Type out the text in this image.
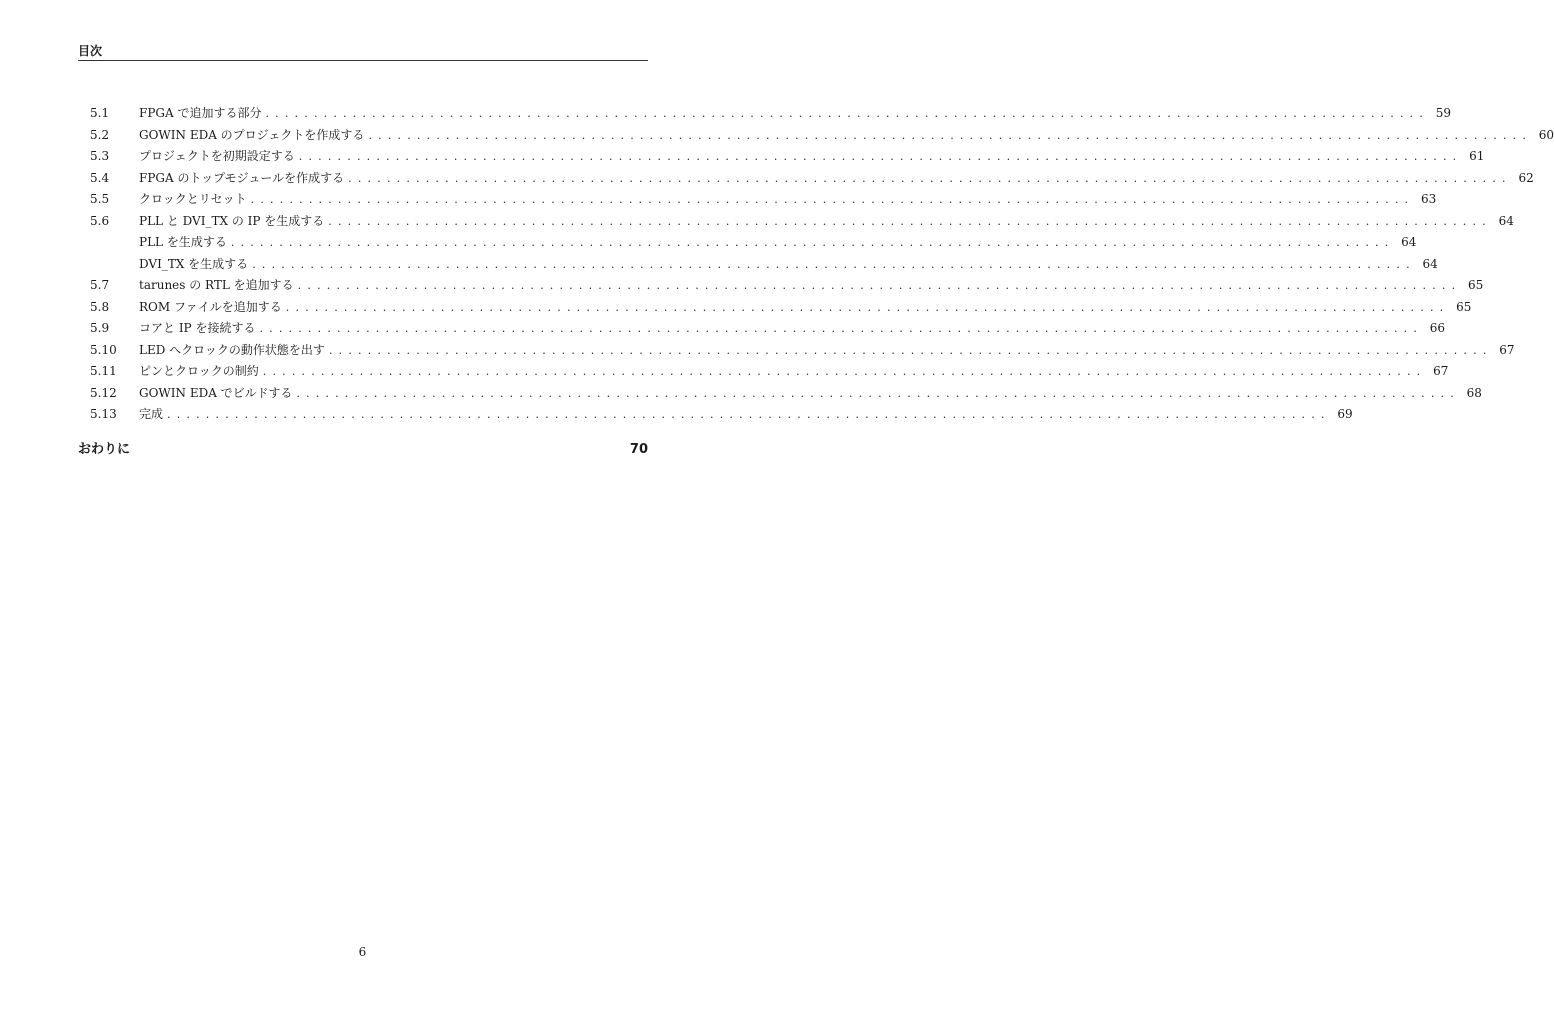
目次
5.1 FPGA で追加する部分 ........................................................................................................................ 59
5.2 GOWIN EDA のプロジェクトを作成する ........................................................................................................................ 60
5.3 プロジェクトを初期設定する ........................................................................................................................ 61
5.4 FPGA のトップモジュールを作成する ........................................................................................................................ 62
5.5 クロックとリセット ........................................................................................................................ 63
5.6 PLL と DVI_TX の IP を生成する ........................................................................................................................ 64
PLL を生成する ........................................................................................................................ 64
DVI_TX を生成する ........................................................................................................................ 64
5.7 tarunes の RTL を追加する ........................................................................................................................ 65
5.8 ROM ファイルを追加する ........................................................................................................................ 65
5.9 コアと IP を接続する ........................................................................................................................ 66
5.10 LED へクロックの動作状態を出す ........................................................................................................................ 67
5.11 ピンとクロックの制約 ........................................................................................................................ 67
5.12 GOWIN EDA でビルドする ........................................................................................................................ 68
5.13 完成 ........................................................................................................................ 69
おわりに	70
6
